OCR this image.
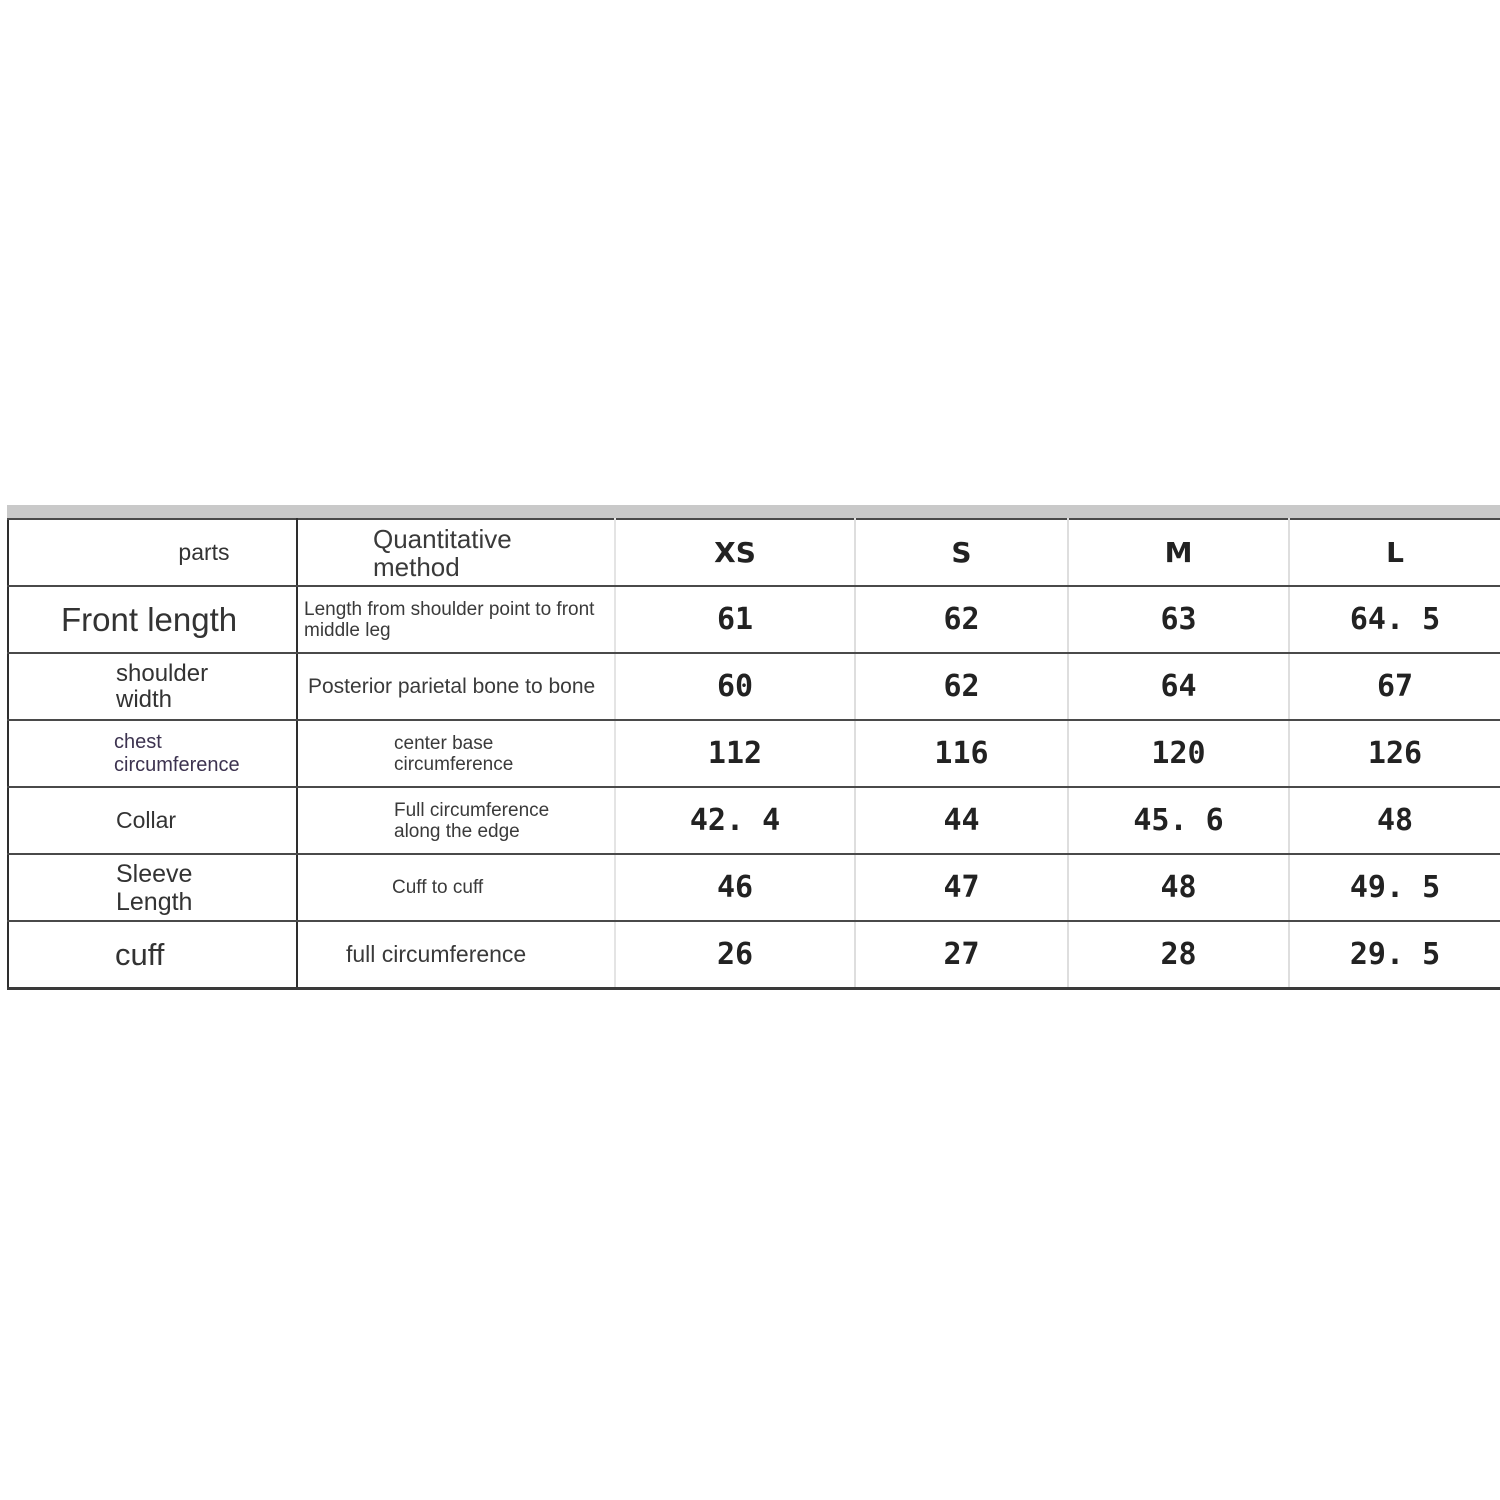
parts	Quantitative method	XS	S	M	L

Front length	Length from shoulder point to front middle leg	61	62	63	64. 5

shoulder width	Posterior parietal bone to bone	60	62	64	67

chest circumference	center base circumference	112	116	120	126

Collar	Full circumference along the edge	42. 4	44	45. 6	48

Sleeve Length	Cuff to cuff	46	47	48	49. 5

cuff	full circumference	26	27	28	29. 5
